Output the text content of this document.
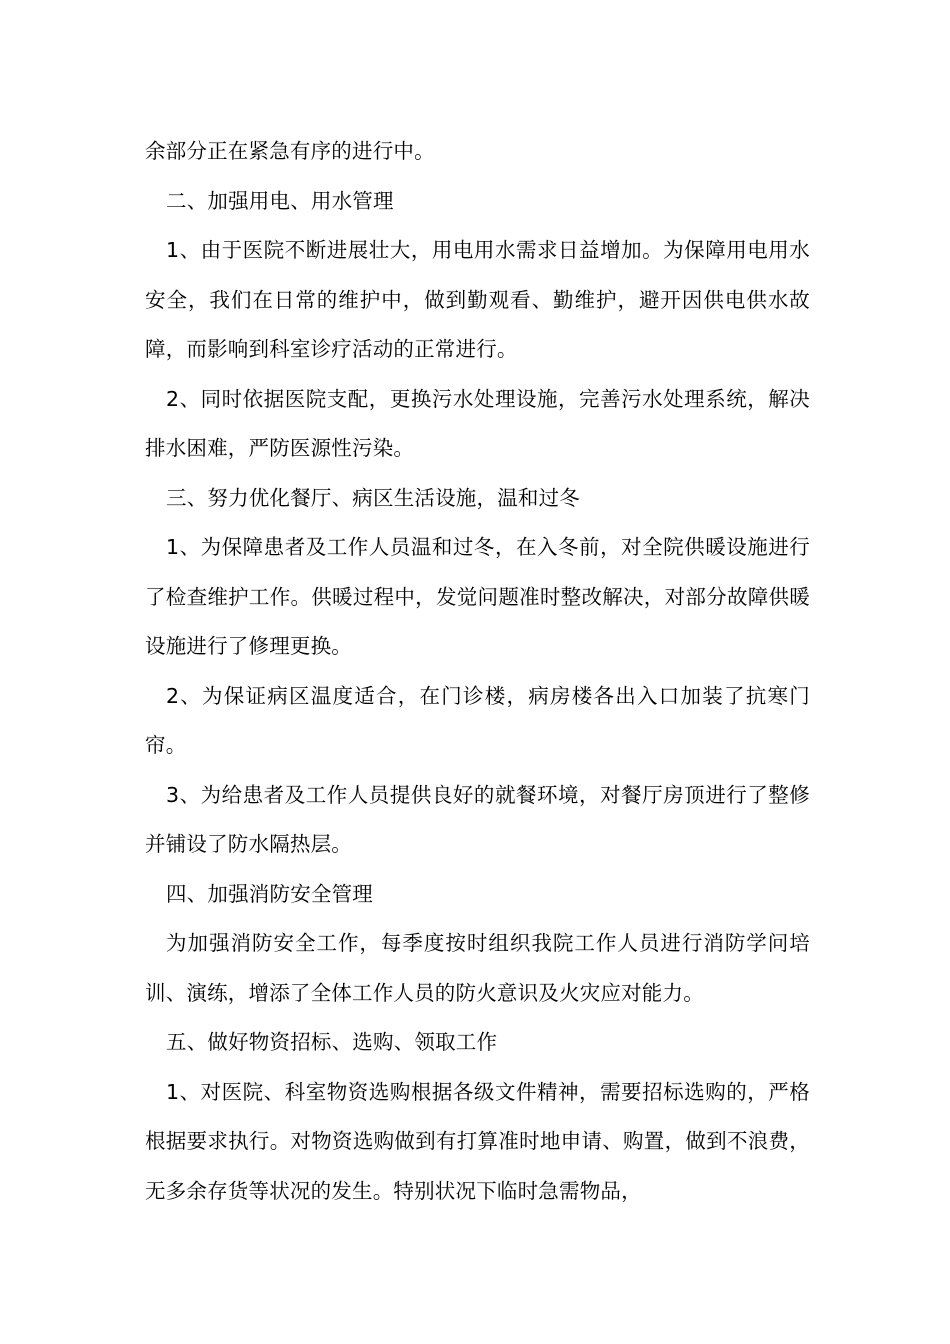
余部分正在紧急有序的进行中。

二、加强用电、用水管理

1、由于医院不断进展壮大，用电用水需求日益增加。为保障用电用水安全，我们在日常的维护中，做到勤观看、勤维护，避开因供电供水故障，而影响到科室诊疗活动的正常进行。

2、同时依据医院支配，更换污水处理设施，完善污水处理系统，解决排水困难，严防医源性污染。

三、努力优化餐厅、病区生活设施，温和过冬

1、为保障患者及工作人员温和过冬，在入冬前，对全院供暖设施进行了检查维护工作。供暖过程中，发觉问题准时整改解决，对部分故障供暖设施进行了修理更换。

2、为保证病区温度适合，在门诊楼，病房楼各出入口加装了抗寒门帘。

3、为给患者及工作人员提供良好的就餐环境，对餐厅房顶进行了整修并铺设了防水隔热层。

四、加强消防安全管理

为加强消防安全工作，每季度按时组织我院工作人员进行消防学问培训、演练，增添了全体工作人员的防火意识及火灾应对能力。

五、做好物资招标、选购、领取工作

1、对医院、科室物资选购根据各级文件精神，需要招标选购的，严格根据要求执行。对物资选购做到有打算准时地申请、购置，做到不浪费，无多余存货等状况的发生。特别状况下临时急需物品，
